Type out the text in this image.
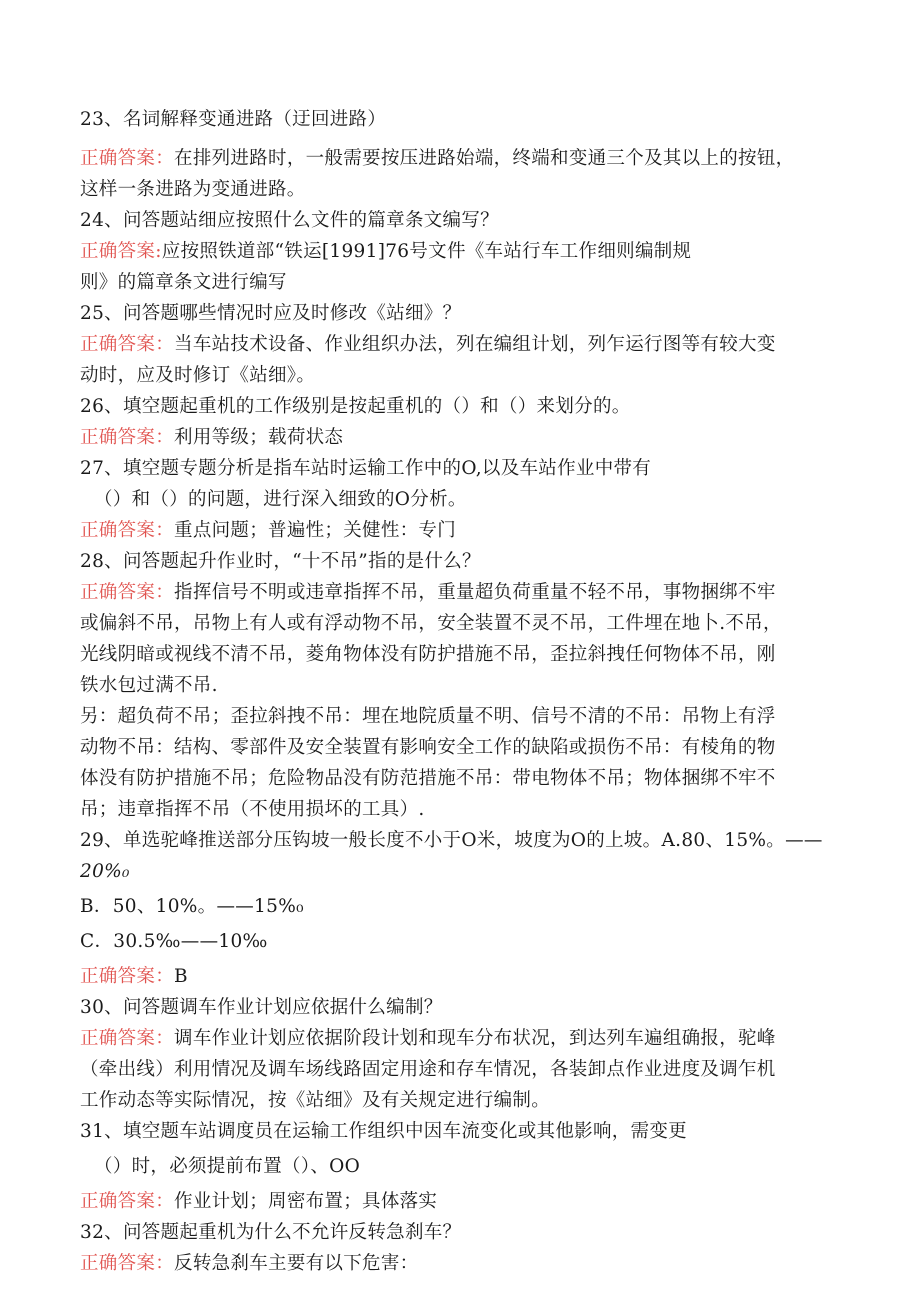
23、名词解释变通进路（迂回进路）
正确答案：在排列进路时，一般需要按压进路始端，终端和变通三个及其以上的按钮，
这样一条进路为变通进路。
24、问答题站细应按照什么文件的篇章条文编写？
正确答案:应按照铁道部“铁运[1991]76号文件《车站行车工作细则编制规
则》的篇章条文进行编写
25、问答题哪些情况时应及时修改《站细》？
正确答案：当车站技术设备、作业组织办法，列在编组计划，列乍运行图等有较大变
动时，应及时修订《站细》。
26、填空题起重机的工作级别是按起重机的（）和（）来划分的。
正确答案：利用等级；载荷状态
27、填空题专题分析是指车站时运输工作中的O,以及车站作业中带有
（）和（）的问题，进行深入细致的O分析。
正确答案：重点问题；普遍性；关健性：专门
28、问答题起升作业时，“十不吊”指的是什么？
正确答案：指挥信号不明或违章指挥不吊，重量超负荷重量不轻不吊，事物捆绑不牢
或偏斜不吊，吊物上有人或有浮动物不吊，安全装置不灵不吊，工件埋在地卜.不吊，
光线阴暗或视线不清不吊，菱角物体没有防护措施不吊，歪拉斜拽任何物体不吊，刚
铁水包过满不吊.
另：超负荷不吊；歪拉斜拽不吊：埋在地院质量不明、信号不清的不吊：吊物上有浮
动物不吊：结构、零部件及安全装置有影响安全工作的缺陷或损伤不吊：有棱角的物
体没有防护措施不吊；危险物品没有防范措施不吊：带电物体不吊；物体捆绑不牢不
吊；违章指挥不吊（不使用损坏的工具）.
29、单选驼峰推送部分压钩坡一般长度不小于O米，坡度为O的上坡。A.80、15%。——
20%₀
B．50、10%。——15%₀
C．30.5‰——10‰
正确答案：B
30、问答题调车作业计划应依据什么编制？
正确答案：调车作业计划应依据阶段计划和现车分布状况，到达列车遍组确报，驼峰
（牵出线）利用情况及调车场线路固定用途和存车情况，各装卸点作业进度及调乍机
工作动态等实际情况，按《站细》及有关规定进行编制。
31、填空题车站调度员在运输工作组织中因车流变化或其他影响，需变更
（）时，必须提前布置（）、OO
正确答案：作业计划；周密布置；具体落实
32、问答题起重机为什么不允许反转急刹车？
正确答案：反转急刹车主要有以下危害：
